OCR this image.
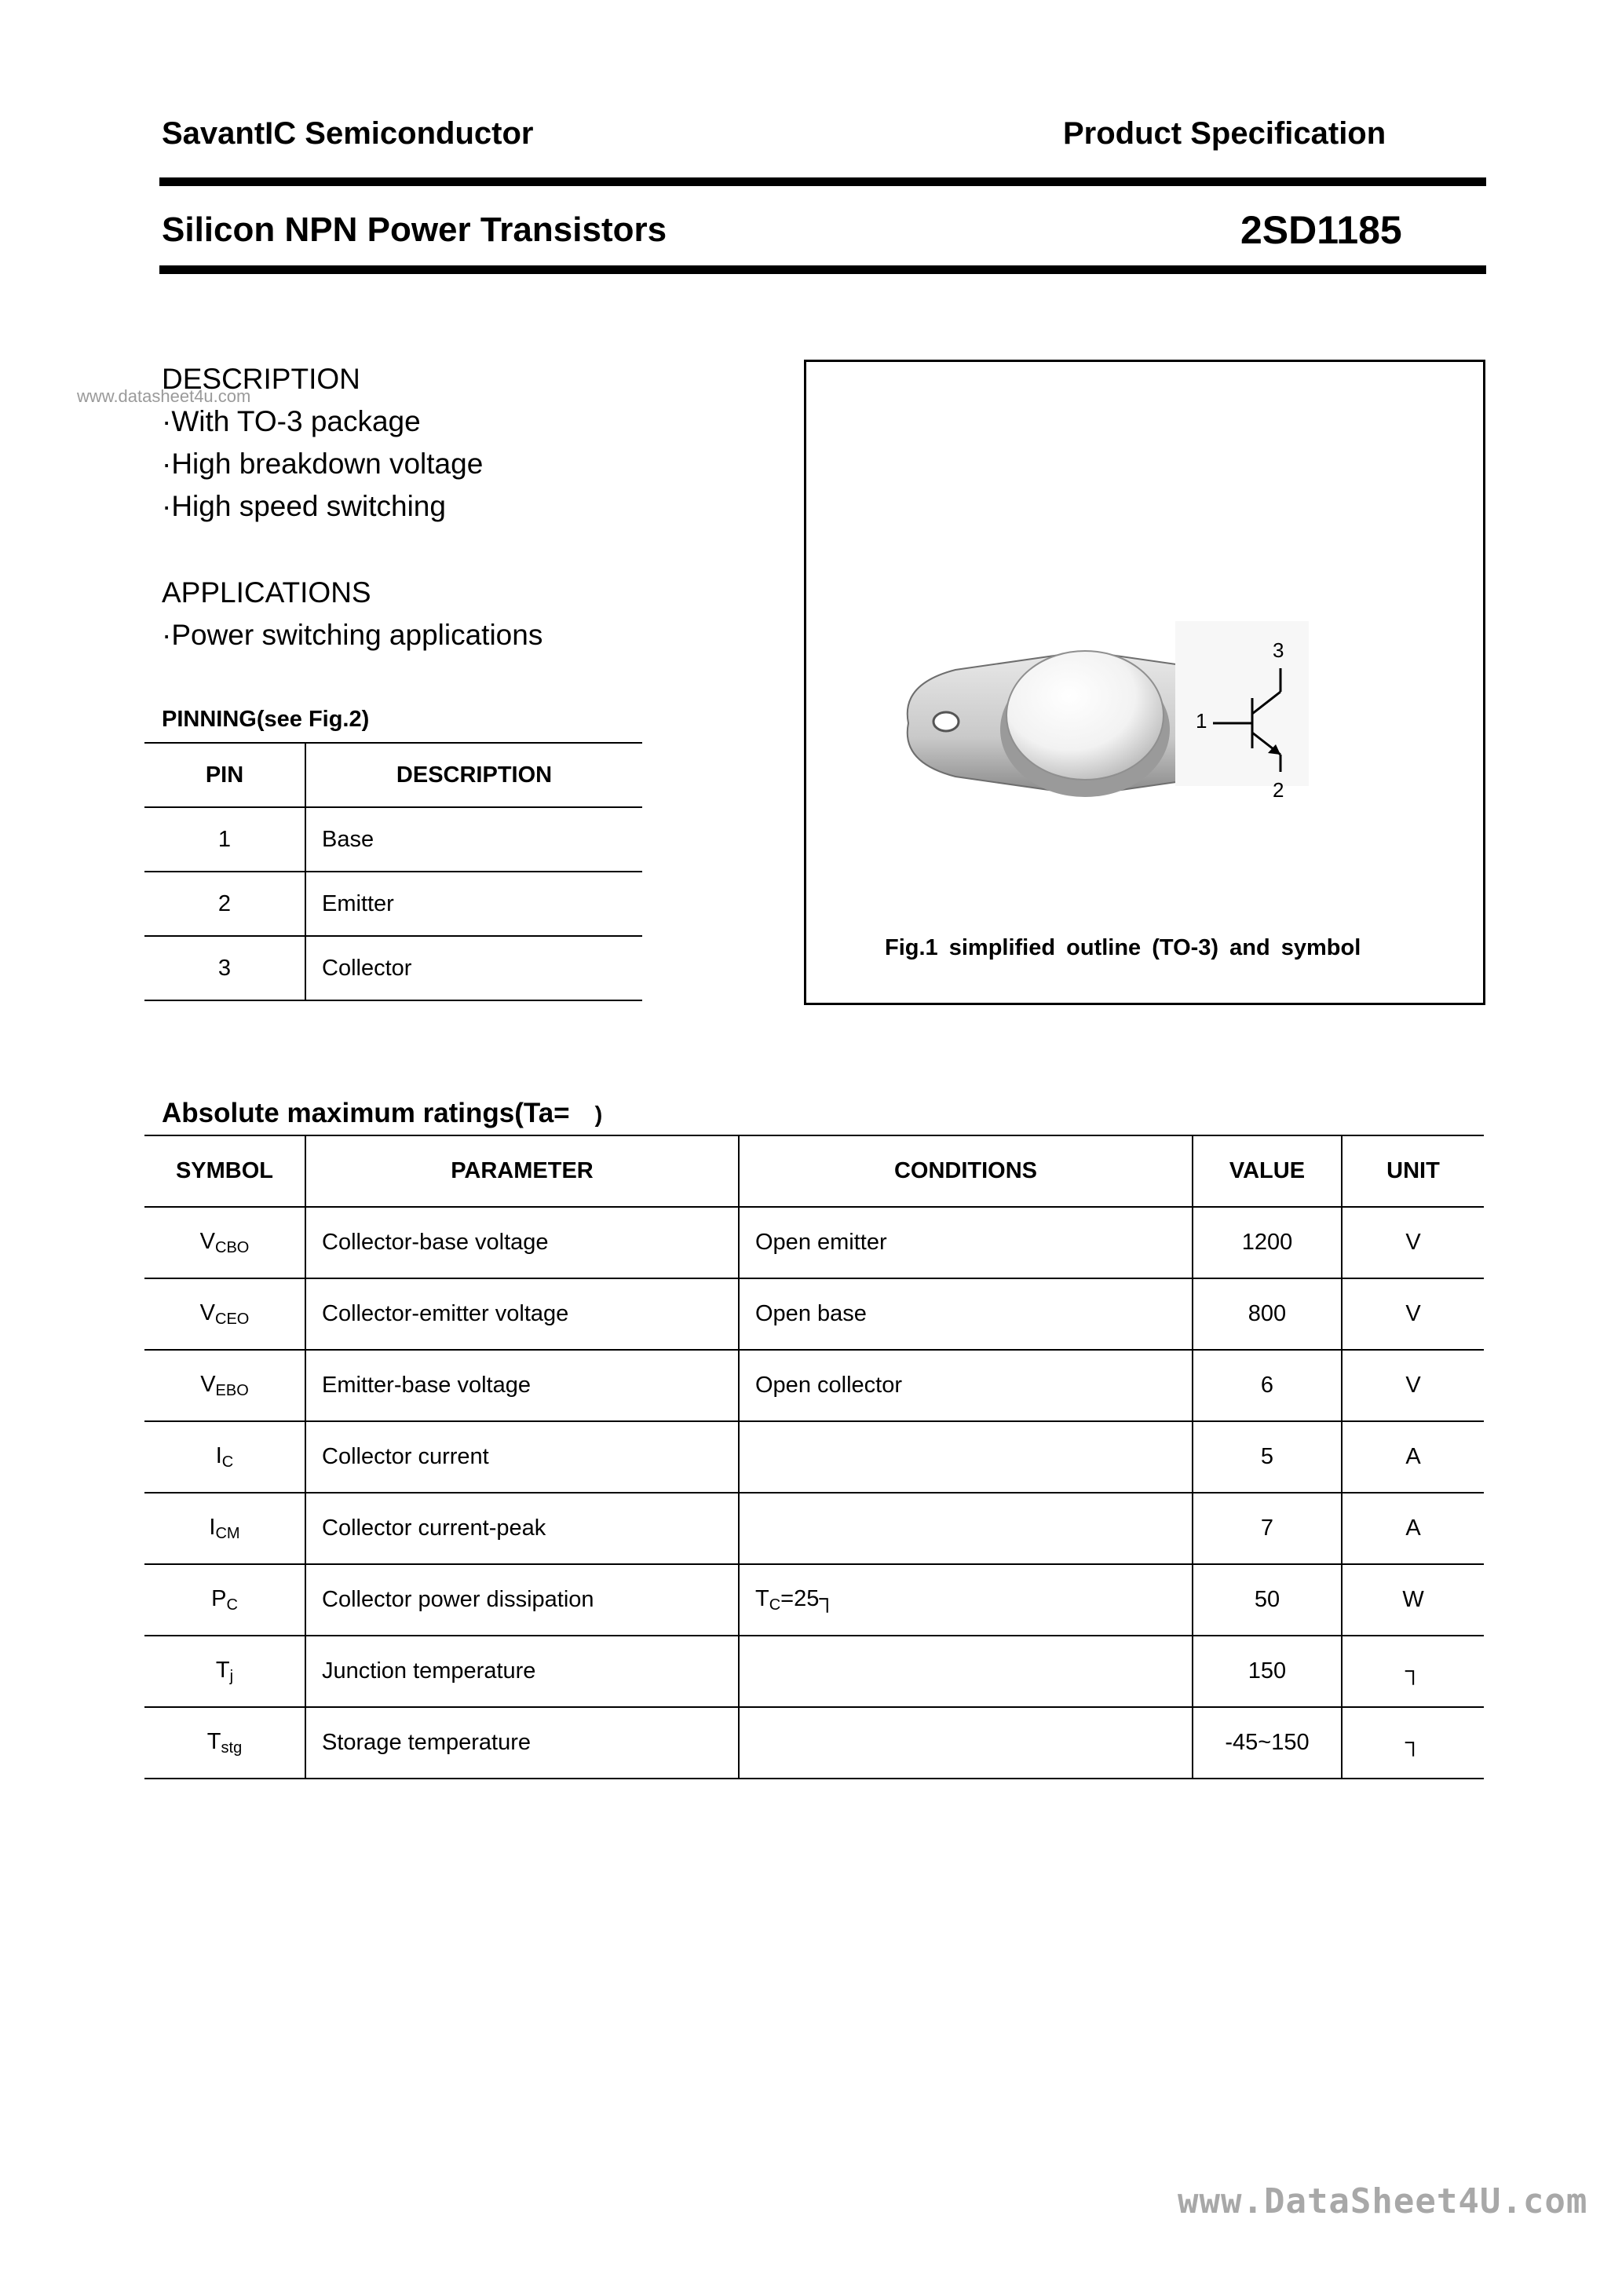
SavantIC Semiconductor	Product Specification
Silicon NPN Power Transistors	2SD1185
www.datasheet4u.com
DESCRIPTION
·With TO-3 package
·High breakdown voltage
·High speed switching
APPLICATIONS
·Power switching applications
PINNING(see Fig.2)
PIN	DESCRIPTION
1	Base
2	Emitter
3	Collector
1
2
3
Fig.1 simplified outline (TO-3) and symbol
Absolute maximum ratings(Ta= )
SYMBOL	PARAMETER	CONDITIONS	VALUE	UNIT
$V_{CBO}$	Collector-base voltage	Open emitter	1200	V
$V_{CEO}$	Collector-emitter voltage	Open base	800	V
$V_{EBO}$	Emitter-base voltage	Open collector	6	V
$I_C$	Collector current		5	A
$I_{CM}$	Collector current-peak		7	A
$P_C$	Collector power dissipation	$T_C=25┐$	50	W
$T_j$	Junction temperature		150	┐
$T_{stg}$	Storage temperature		-45~150	┐
www.DataSheet4U.com
